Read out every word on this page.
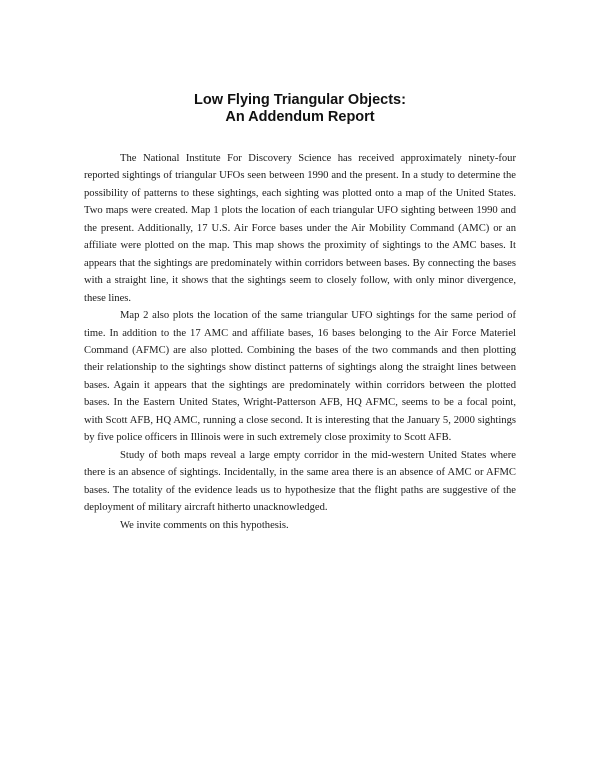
Low Flying Triangular Objects:
An Addendum Report

The National Institute For Discovery Science has received approximately ninety-four reported sightings of triangular UFOs seen between 1990 and the present. In a study to determine the possibility of patterns to these sightings, each sighting was plotted onto a map of the United States. Two maps were created. Map 1 plots the location of each triangular UFO sighting between 1990 and the present. Additionally, 17 U.S. Air Force bases under the Air Mobility Command (AMC) or an affiliate were plotted on the map. This map shows the proximity of sightings to the AMC bases. It appears that the sightings are predominately within corridors between bases. By connecting the bases with a straight line, it shows that the sightings seem to closely follow, with only minor divergence, these lines.

Map 2 also plots the location of the same triangular UFO sightings for the same period of time. In addition to the 17 AMC and affiliate bases, 16 bases belonging to the Air Force Materiel Command (AFMC) are also plotted. Combining the bases of the two commands and then plotting their relationship to the sightings show distinct patterns of sightings along the straight lines between bases. Again it appears that the sightings are predominately within corridors between the plotted bases. In the Eastern United States, Wright-Patterson AFB, HQ AFMC, seems to be a focal point, with Scott AFB, HQ AMC, running a close second. It is interesting that the January 5, 2000 sightings by five police officers in Illinois were in such extremely close proximity to Scott AFB.

Study of both maps reveal a large empty corridor in the mid-western United States where there is an absence of sightings. Incidentally, in the same area there is an absence of AMC or AFMC bases. The totality of the evidence leads us to hypothesize that the flight paths are suggestive of the deployment of military aircraft hitherto unacknowledged.

We invite comments on this hypothesis.
